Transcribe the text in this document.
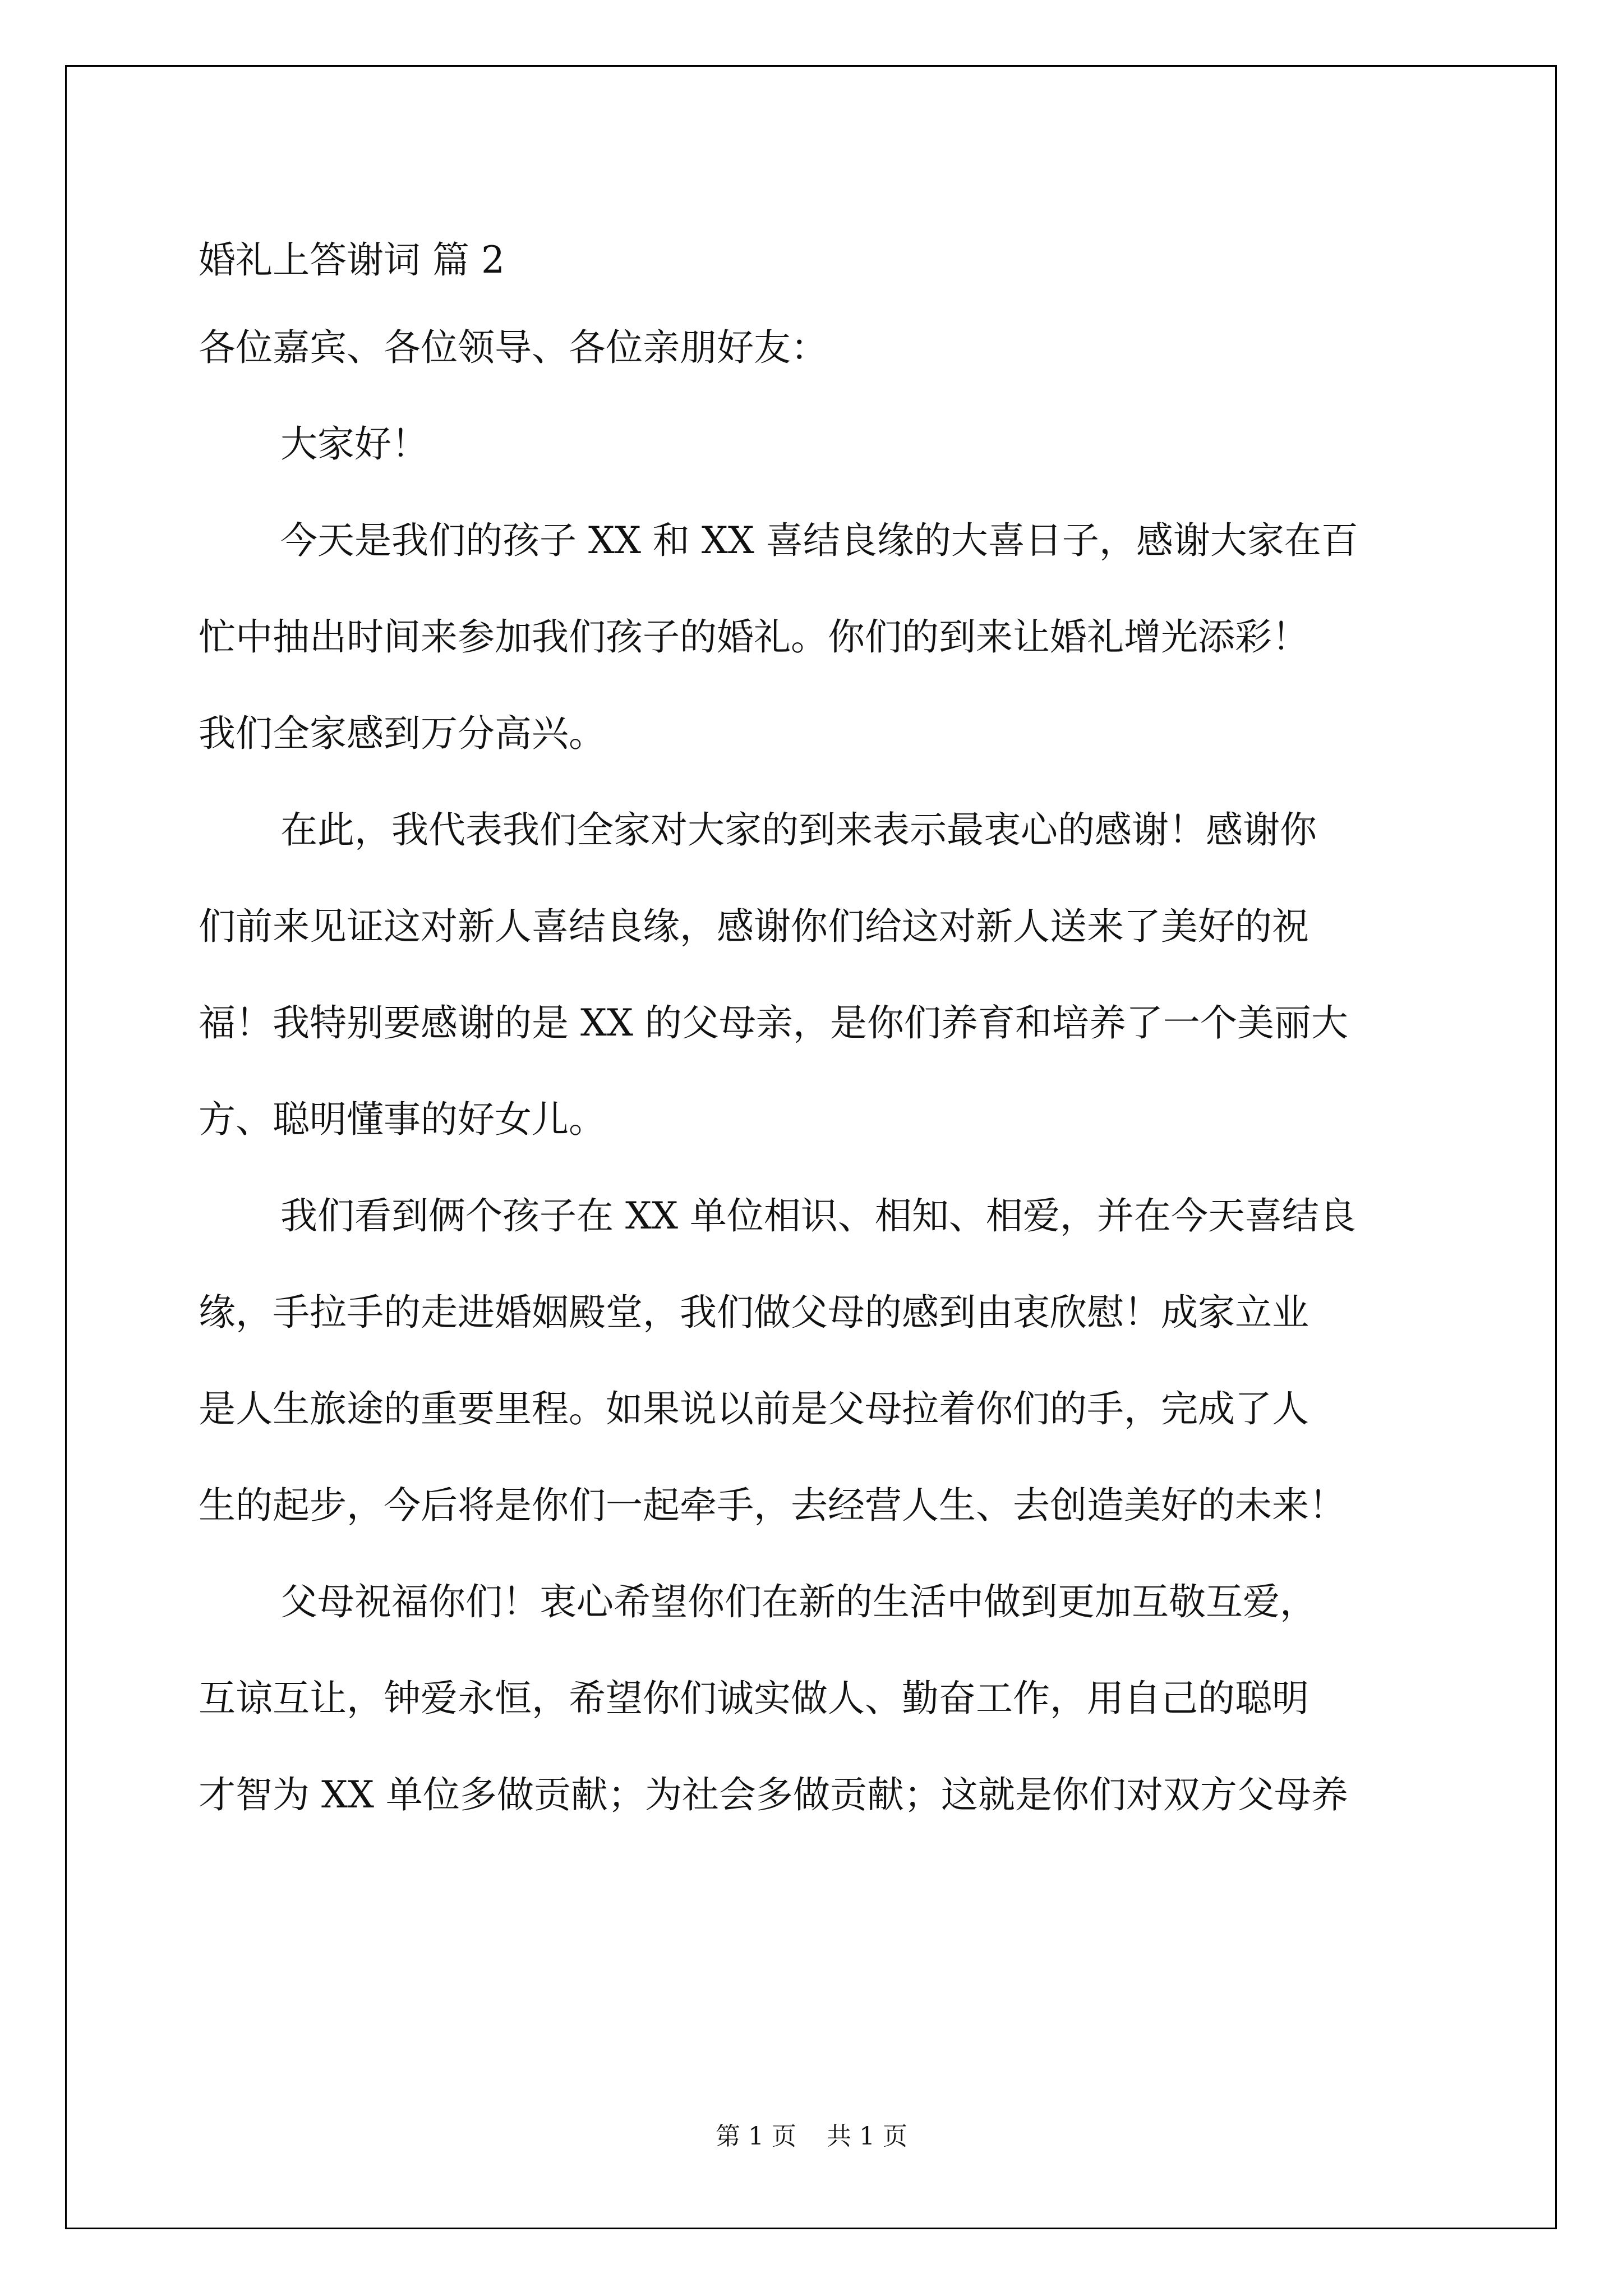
婚礼上答谢词 篇 2
各位嘉宾、各位领导、各位亲朋好友：
大家好！
今天是我们的孩子 XX 和 XX 喜结良缘的大喜日子，感谢大家在百
忙中抽出时间来参加我们孩子的婚礼。你们的到来让婚礼增光添彩！
我们全家感到万分高兴。
在此，我代表我们全家对大家的到来表示最衷心的感谢！感谢你
们前来见证这对新人喜结良缘，感谢你们给这对新人送来了美好的祝
福！我特别要感谢的是 XX 的父母亲，是你们养育和培养了一个美丽大
方、聪明懂事的好女儿。
我们看到俩个孩子在 XX 单位相识、相知、相爱，并在今天喜结良
缘，手拉手的走进婚姻殿堂，我们做父母的感到由衷欣慰！成家立业
是人生旅途的重要里程。如果说以前是父母拉着你们的手，完成了人
生的起步，今后将是你们一起牵手，去经营人生、去创造美好的未来！
父母祝福你们！衷心希望你们在新的生活中做到更加互敬互爱，
互谅互让，钟爱永恒，希望你们诚实做人、勤奋工作，用自己的聪明
才智为 XX 单位多做贡献；为社会多做贡献；这就是你们对双方父母养
第 1 页 共 1 页
